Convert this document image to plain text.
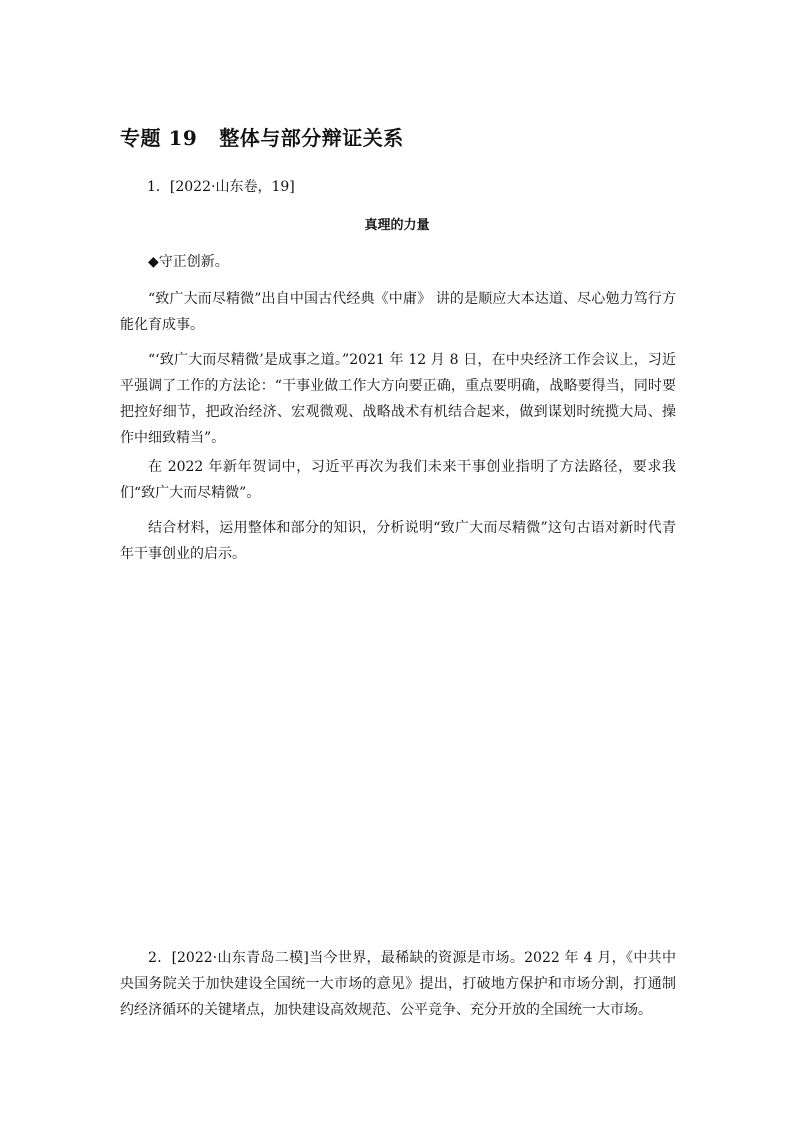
专题 19 整体与部分辩证关系
1．[2022·山东卷，19]
真理的力量
◆守正创新。
“致广大而尽精微”出自中国古代经典《中庸》 讲的是顺应大本达道、尽心勉力笃行方能化育成事。
“‘致广大而尽精微’是成事之道。”2021 年 12 月 8 日，在中央经济工作会议上，习近平强调了工作的方法论：“干事业做工作大方向要正确，重点要明确，战略要得当，同时要把控好细节，把政治经济、宏观微观、战略战术有机结合起来，做到谋划时统揽大局、操作中细致精当”。
在 2022 年新年贺词中，习近平再次为我们未来干事创业指明了方法路径，要求我们“致广大而尽精微”。
结合材料，运用整体和部分的知识，分析说明“致广大而尽精微”这句古语对新时代青年干事创业的启示。
2．[2022·山东青岛二模]当今世界，最稀缺的资源是市场。2022 年 4 月，《中共中央国务院关于加快建设全国统一大市场的意见》提出，打破地方保护和市场分割，打通制约经济循环的关键堵点，加快建设高效规范、公平竞争、充分开放的全国统一大市场。
